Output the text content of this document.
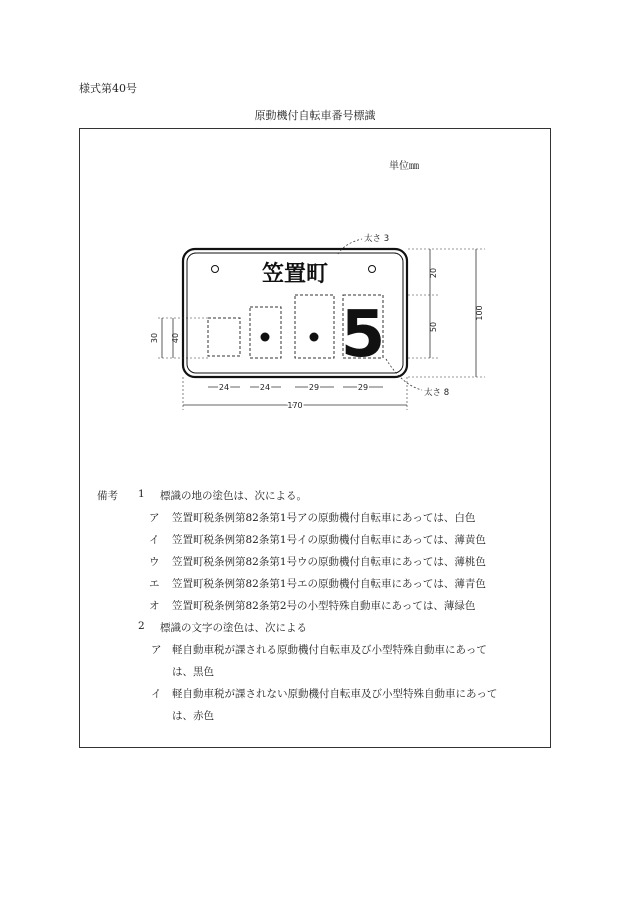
様式第40号
原動機付自転車番号標識
単位㎜
笠置町
5
太さ 3
太さ 8
20
50
100
30 40
24	24	29	29
170
備考 1 標識の地の塗色は、次による。
ア 笠置町税条例第82条第1号アの原動機付自転車にあっては、白色
イ 笠置町税条例第82条第1号イの原動機付自転車にあっては、薄黄色
ウ 笠置町税条例第82条第1号ウの原動機付自転車にあっては、薄桃色
エ 笠置町税条例第82条第1号エの原動機付自転車にあっては、薄青色
オ 笠置町税条例第82条第2号の小型特殊自動車にあっては、薄緑色
2 標識の文字の塗色は、次による
ア 軽自動車税が課される原動機付自転車及び小型特殊自動車にあって
は、黒色
イ 軽自動車税が課されない原動機付自転車及び小型特殊自動車にあって
は、赤色
